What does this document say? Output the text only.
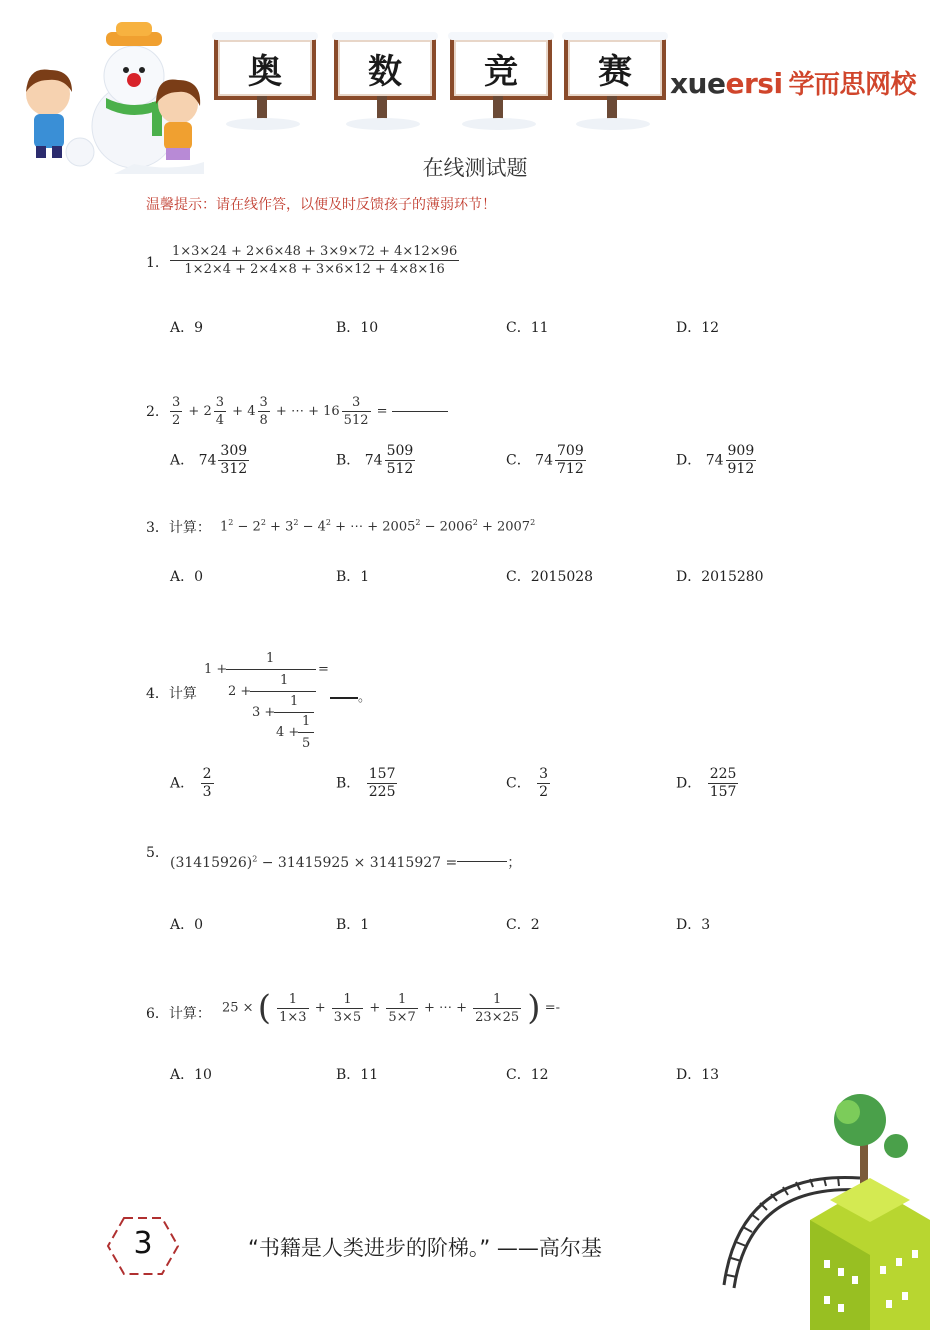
奥	数 竞 赛 xueersi 学而思网校
在线测试题
温馨提示：请在线作答，以便及时反馈孩子的薄弱环节！
1. $\frac{1\times 3\times 24 + 2\times 6\times 48 + 3\times 9\times 72 + 4\times 12\times 96}{1\times 2\times 4 + 2\times 4\times 8 + 3\times 6\times 12 + 4\times 8\times 16}$
A．9	B．10	C．11	D．12
2. $\frac{3}{2} + 2 \frac{3}{4} + 4 \frac{3}{8}$ + ⋯ + $16 \frac{3}{512}$ =
A． $74 \frac{309}{312}$	B． $74 \frac{509}{512}$	C． $74 \frac{709}{712}$	D． $74 \frac{909}{912}$
3．计算： $1^2 - 2^2 + 3^2 - 4^2$ + ⋯ + $2005^2 - 2006^2 + 2007^2$
A．0	B．1	C．2015028	D．2015280
4．计算
1 +
1
=
2 +
1
3 +
1
4 +
1
5
。
A． $\frac{2}{3}$	B． $\frac{157}{225}$	C． $\frac{3}{2}$	D． $\frac{225}{157}$
5.
$(31415926)^2 - 31415925 \times 31415927$ =	；
A．0	B．1	C．2	D．3
6．计算： 25 × ( $\frac{1}{1\times 3} + \frac{1}{3\times 5} + \frac{1}{5\times 7}$ + ⋯ + $\frac{1}{23\times 25}$ ) =-
A．10	B．11	C．12	D．13
3	“书籍是人类进步的阶梯。” ——高尔基
